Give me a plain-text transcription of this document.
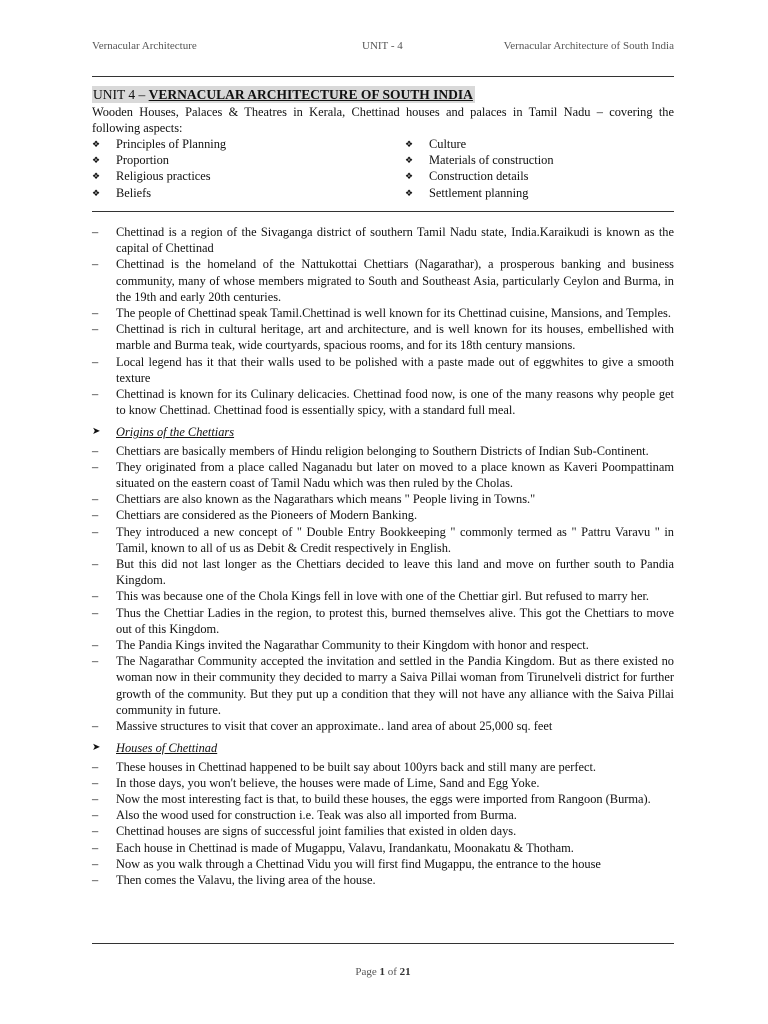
Vernacular Architecture	UNIT - 4	Vernacular Architecture of South India
UNIT 4 – VERNACULAR ARCHITECTURE OF SOUTH INDIA
Wooden Houses, Palaces & Theatres in Kerala, Chettinad houses and palaces in Tamil Nadu – covering the following aspects:
❖ Principles of Planning
❖ Proportion
❖ Religious practices
❖ Beliefs
❖ Culture
❖ Materials of construction
❖ Construction details
❖ Settlement planning
– Chettinad is a region of the Sivaganga district of southern Tamil Nadu state, India.Karaikudi is known as the capital of Chettinad
– Chettinad is the homeland of the Nattukottai Chettiars (Nagarathar), a prosperous banking and business community, many of whose members migrated to South and Southeast Asia, particularly Ceylon and Burma, in the 19th and early 20th centuries.
– The people of Chettinad speak Tamil.Chettinad is well known for its Chettinad cuisine, Mansions, and Temples.
– Chettinad is rich in cultural heritage, art and architecture, and is well known for its houses, embellished with marble and Burma teak, wide courtyards, spacious rooms, and for its 18th century mansions.
– Local legend has it that their walls used to be polished with a paste made out of eggwhites to give a smooth texture
– Chettinad is known for its Culinary delicacies. Chettinad food now, is one of the many reasons why people get to know Chettinad. Chettinad food is essentially spicy, with a standard full meal.
➤ Origins of the Chettiars
– Chettiars are basically members of Hindu religion belonging to Southern Districts of Indian Sub-Continent.
– They originated from a place called Naganadu but later on moved to a place known as Kaveri Poompattinam situated on the eastern coast of Tamil Nadu which was then ruled by the Cholas.
– Chettiars are also known as the Nagarathars which means " People living in Towns."
– Chettiars are considered as the Pioneers of Modern Banking.
– They introduced a new concept of " Double Entry Bookkeeping " commonly termed as " Pattru Varavu " in Tamil, known to all of us as Debit & Credit respectively in English.
– But this did not last longer as the Chettiars decided to leave this land and move on further south to Pandia Kingdom.
– This was because one of the Chola Kings fell in love with one of the Chettiar girl. But refused to marry her.
– Thus the Chettiar Ladies in the region, to protest this, burned themselves alive. This got the Chettiars to move out of this Kingdom.
– The Pandia Kings invited the Nagarathar Community to their Kingdom with honor and respect.
– The Nagarathar Community accepted the invitation and settled in the Pandia Kingdom. But as there existed no woman now in their community they decided to marry a Saiva Pillai woman from Tirunelveli district for further growth of the community. But they put up a condition that they will not have any alliance with the Saiva Pillai community in future.
– Massive structures to visit that cover an approximate.. land area of about 25,000 sq. feet
➤ Houses of Chettinad
– These houses in Chettinad happened to be built say about 100yrs back and still many are perfect.
– In those days, you won't believe, the houses were made of Lime, Sand and Egg Yoke.
– Now the most interesting fact is that, to build these houses, the eggs were imported from Rangoon (Burma).
– Also the wood used for construction i.e. Teak was also all imported from Burma.
– Chettinad houses are signs of successful joint families that existed in olden days.
– Each house in Chettinad is made of Mugappu, Valavu, Irandankatu, Moonakatu & Thotham.
– Now as you walk through a Chettinad Vidu you will first find Mugappu, the entrance to the house
– Then comes the Valavu, the living area of the house.
Page 1 of 21
